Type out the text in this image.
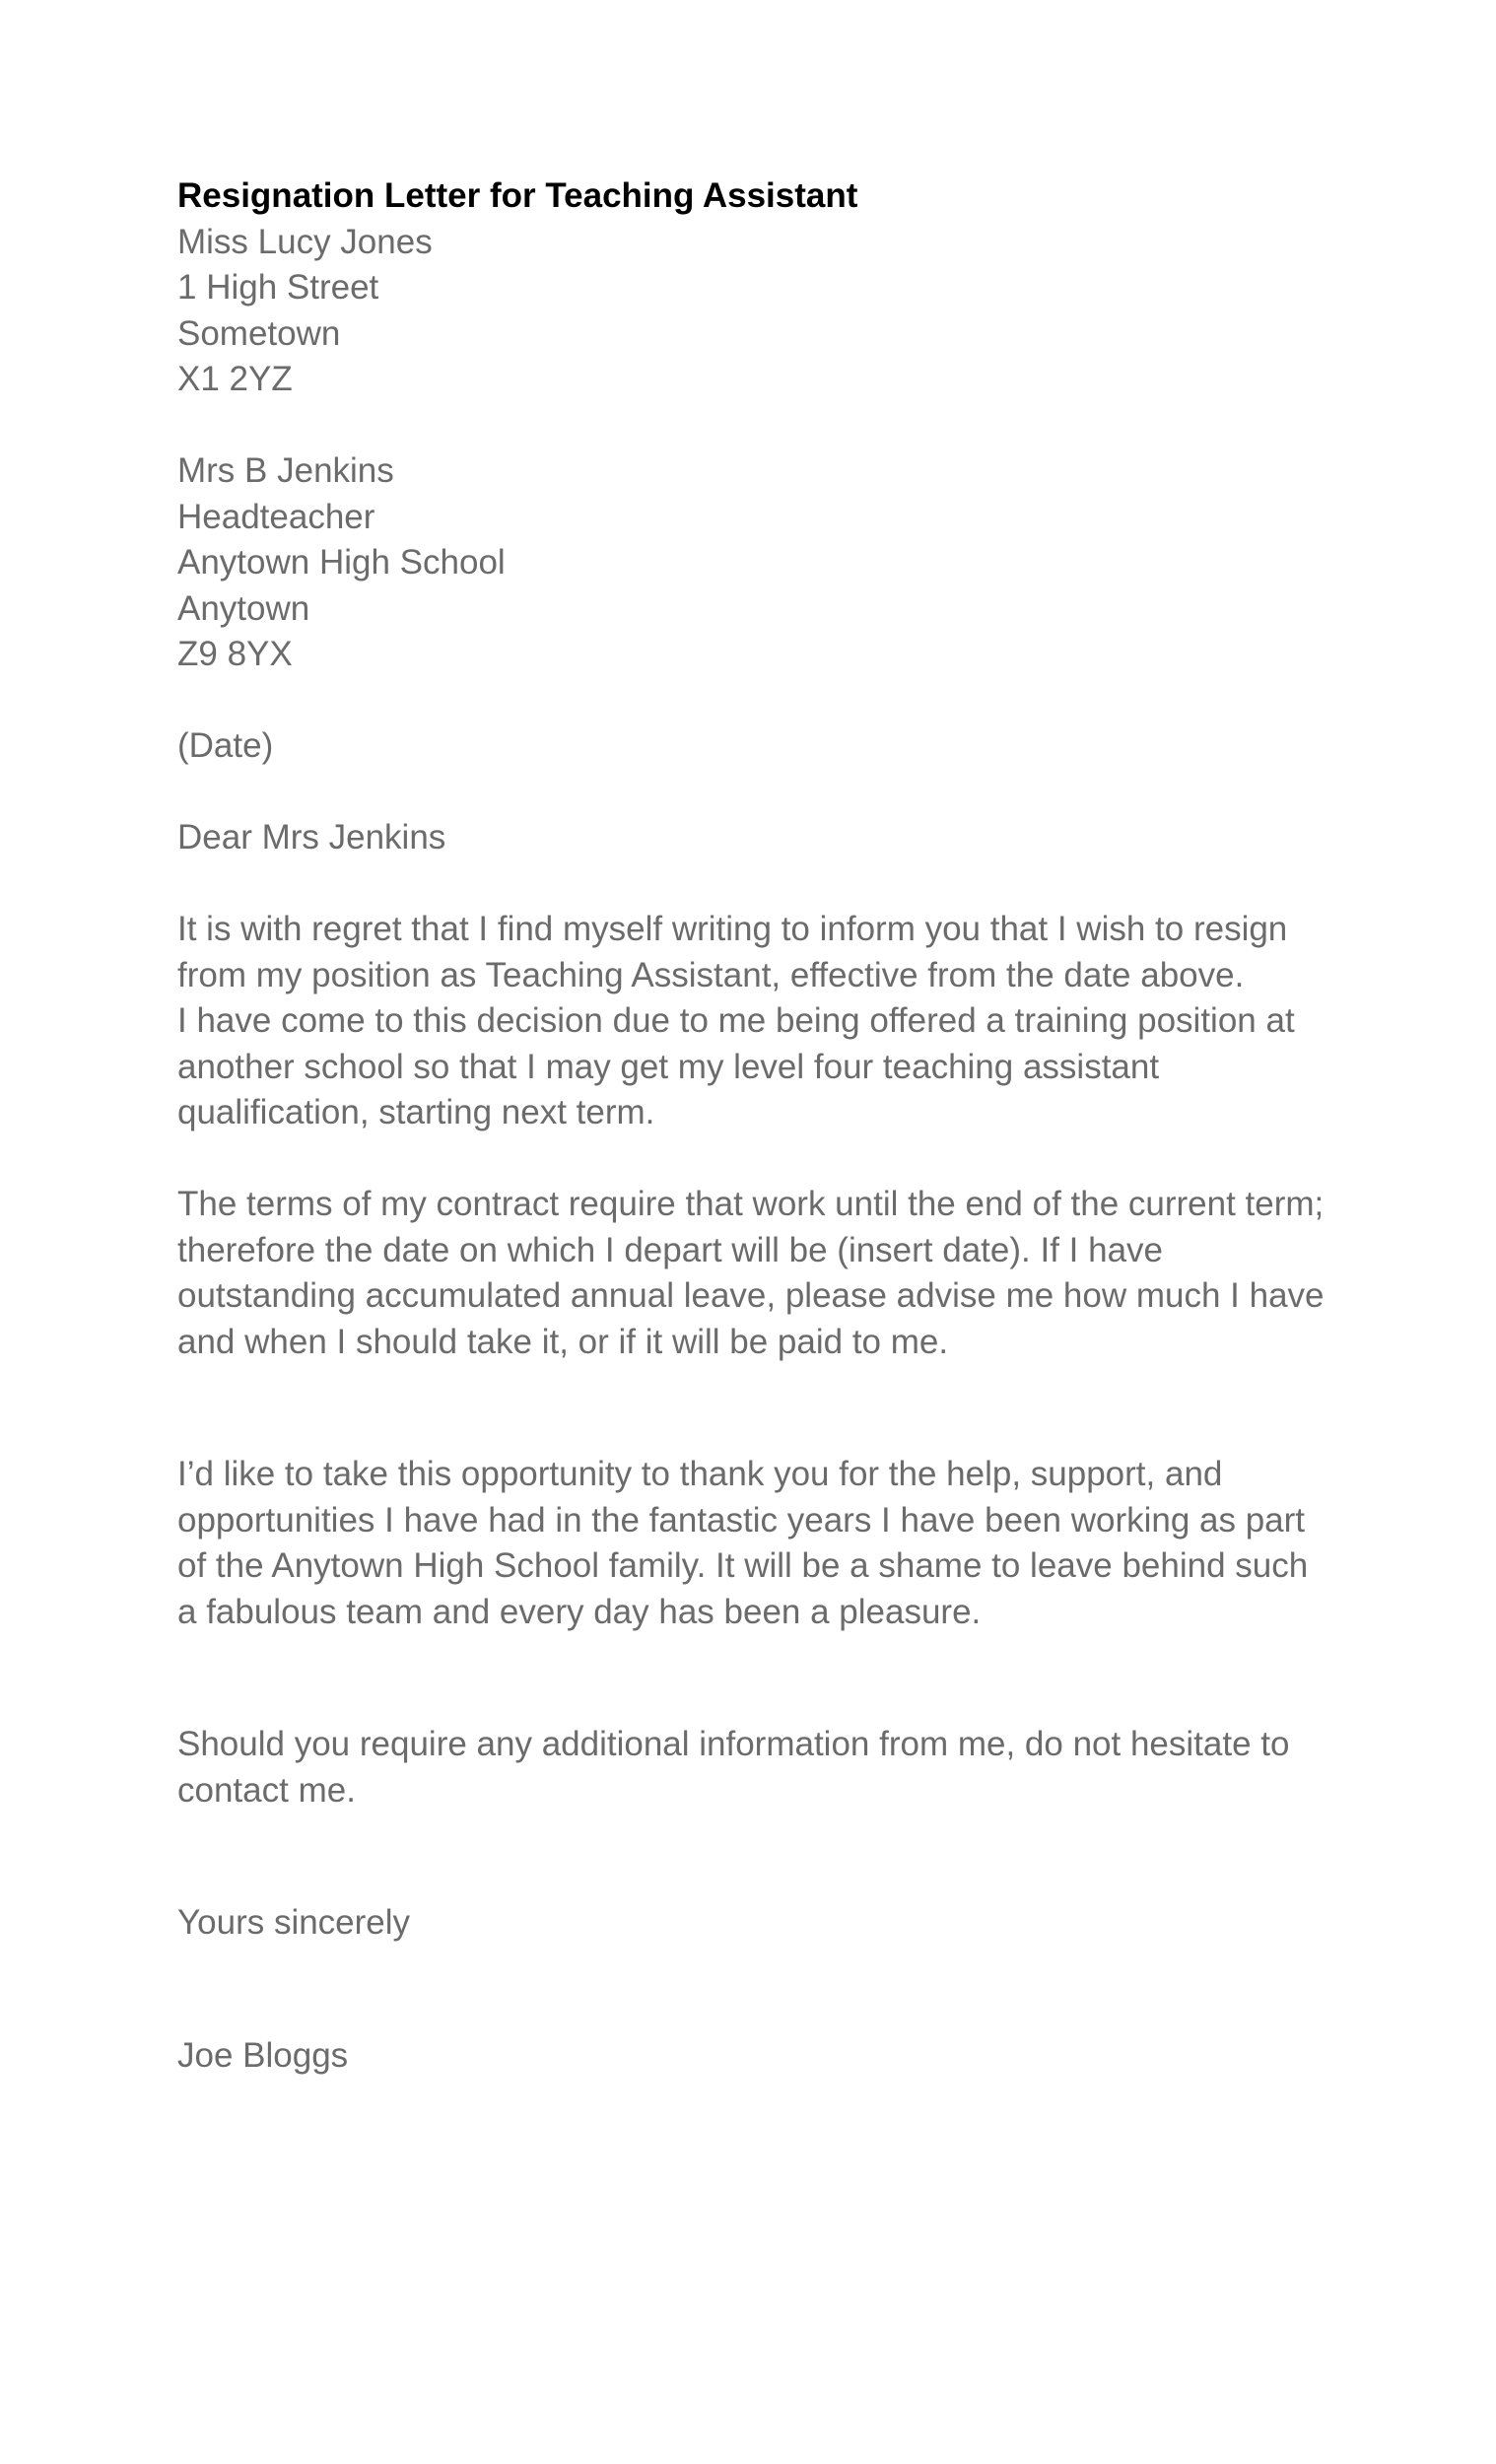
Resignation Letter for Teaching Assistant
Miss Lucy Jones
1 High Street
Sometown
X1 2YZ
Mrs B Jenkins
Headteacher
Anytown High School
Anytown
Z9 8YX
(Date)
Dear Mrs Jenkins
It is with regret that I find myself writing to inform you that I wish to resign
from my position as Teaching Assistant, effective from the date above.
I have come to this decision due to me being offered a training position at
another school so that I may get my level four teaching assistant
qualification, starting next term.
The terms of my contract require that work until the end of the current term;
therefore the date on which I depart will be (insert date). If I have
outstanding accumulated annual leave, please advise me how much I have
and when I should take it, or if it will be paid to me.
I’d like to take this opportunity to thank you for the help, support, and
opportunities I have had in the fantastic years I have been working as part
of the Anytown High School family. It will be a shame to leave behind such
a fabulous team and every day has been a pleasure.
Should you require any additional information from me, do not hesitate to
contact me.
Yours sincerely
Joe Bloggs
